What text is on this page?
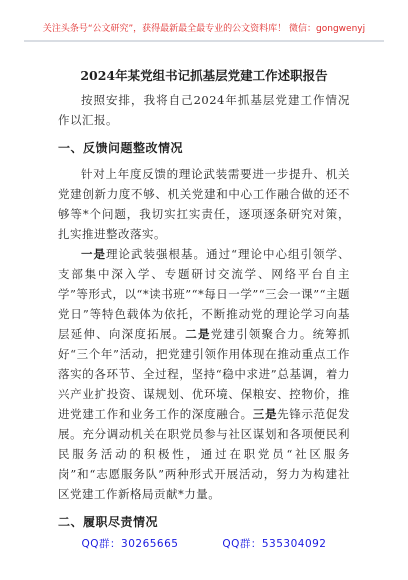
关注头条号“公文研究”，获得最新最全最专业的公文资料库！ 微信：gongwenyj
2024年某党组书记抓基层党建工作述职报告

按照安排，我将自己2024年抓基层党建工作情况作以汇报。

一、反馈问题整改情况

针对上年度反馈的理论武装需要进一步提升、机关党建创新力度不够、机关党建和中心工作融合做的还不够等*个问题，我切实扛实责任，逐项逐条研究对策，扎实推进整改落实。

一是理论武装强根基。通过“理论中心组引领学、支部集中深入学、专题研讨交流学、网络平台自主学”等形式，以“*读书班”“*每日一学”“三会一课”“主题党日”等特色载体为依托，不断推动党的理论学习向基层延伸、向深度拓展。二是党建引领聚合力。统筹抓好“三个年”活动，把党建引领作用体现在推动重点工作落实的各环节、全过程，坚持“稳中求进”总基调，着力兴产业扩投资、谋规划、优环境、保粮安、控物价，推进党建工作和业务工作的深度融合。三是先锋示范促发展。充分调动机关在职党员参与社区谋划和各项便民利民服务活动的积极性，通过在职党员“社区服务岗”和“志愿服务队”两种形式开展活动，努力为构建社区党建工作新格局贡献*力量。

二、履职尽责情况
QQ群：30265665	QQ群：535304092
